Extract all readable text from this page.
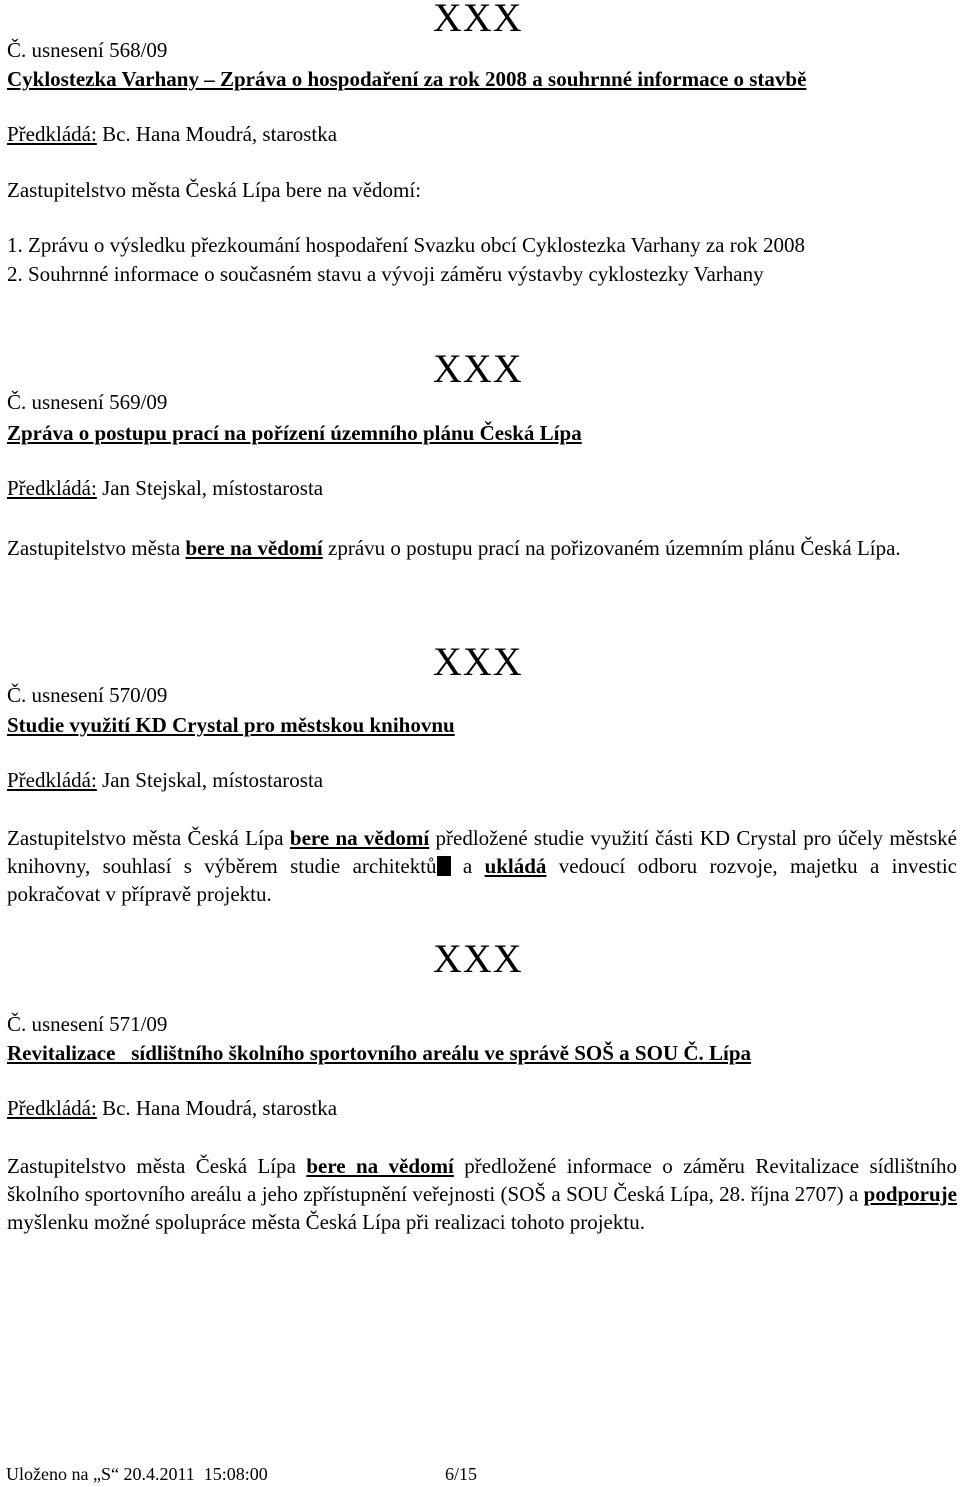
XXX
Č. usnesení 568/09
Cyklostezka Varhany – Zpráva o hospodaření za rok 2008 a souhrnné informace o stavbě
Předkládá: Bc. Hana Moudrá, starostka
Zastupitelstvo města Česká Lípa bere na vědomí:
1. Zprávu o výsledku přezkoumání hospodaření Svazku obcí Cyklostezka Varhany za rok 2008
2. Souhrnné informace o současném stavu a vývoji záměru výstavby cyklostezky Varhany
XXX
Č. usnesení 569/09
Zpráva o postupu prací na pořízení územního plánu Česká Lípa
Předkládá: Jan Stejskal, místostarosta

Zastupitelstvo města bere na vědomí zprávu o postupu prací na pořizovaném územním plánu Česká Lípa.

XXX
Č. usnesení 570/09
Studie využití KD Crystal pro městskou knihovnu
Předkládá: Jan Stejskal, místostarosta

Zastupitelstvo města Česká Lípa bere na vědomí předložené studie využití části KD Crystal pro účely městské knihovny, souhlasí s výběrem studie architektů a ukládá vedoucí odboru rozvoje, majetku a investic pokračovat v přípravě projektu.

XXX
Č. usnesení 571/09
Revitalizace   sídlištního školního sportovního areálu ve správě SOŠ a SOU Č. Lípa
Předkládá: Bc. Hana Moudrá, starostka

Zastupitelstvo města Česká Lípa bere na vědomí předložené informace o záměru Revitalizace sídlištního školního sportovního areálu a jeho zpřístupnění veřejnosti (SOŠ a SOU Česká Lípa, 28. října 2707) a podporuje myšlenku možné spolupráce města Česká Lípa při realizaci tohoto projektu.

Uloženo na „S“ 20.4.2011  15:08:00	6/15
